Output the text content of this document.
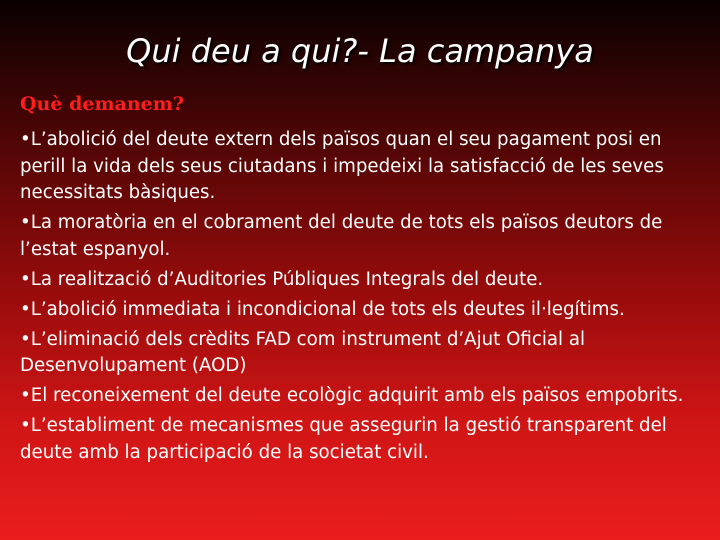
Qui deu a qui?- La campanya
Què demanem?
•L’abolició del deute extern dels països quan el seu pagament posi en perill la vida dels seus ciutadans i impedeixi la satisfacció de les seves necessitats bàsiques.
•La moratòria en el cobrament del deute de tots els països deutors de l’estat espanyol.
•La realització d’Auditories Públiques Integrals del deute.
•L’abolició immediata i incondicional de tots els deutes il·legítims.
•L’eliminació dels crèdits FAD com instrument d’Ajut Oficial al Desenvolupament (AOD)
•El reconeixement del deute ecològic adquirit amb els països empobrits.
•L’establiment de mecanismes que assegurin la gestió transparent del deute amb la participació de la societat civil.
